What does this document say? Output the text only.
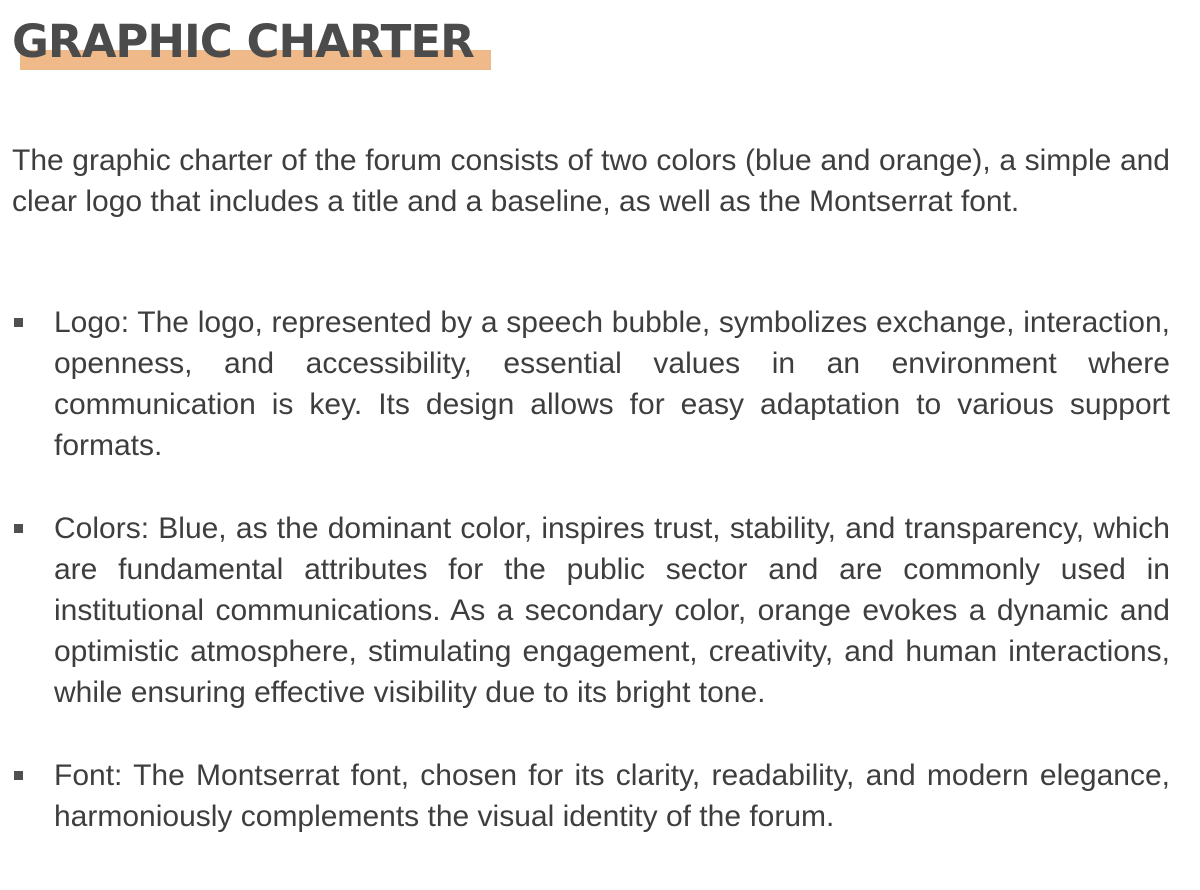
GRAPHIC CHARTER

The graphic charter of the forum consists of two colors (blue and orange), a simple and clear logo that includes a title and a baseline, as well as the Montserrat font.

Logo: The logo, represented by a speech bubble, symbolizes exchange, interaction, openness, and accessibility, essential values in an environment where communication is key. Its design allows for easy adaptation to various support formats.
Colors: Blue, as the dominant color, inspires trust, stability, and transparency, which are fundamental attributes for the public sector and are commonly used in institutional communications. As a secondary color, orange evokes a dynamic and optimistic atmosphere, stimulating engagement, creativity, and human interactions, while ensuring effective visibility due to its bright tone.
Font: The Montserrat font, chosen for its clarity, readability, and modern elegance, harmoniously complements the visual identity of the forum.
